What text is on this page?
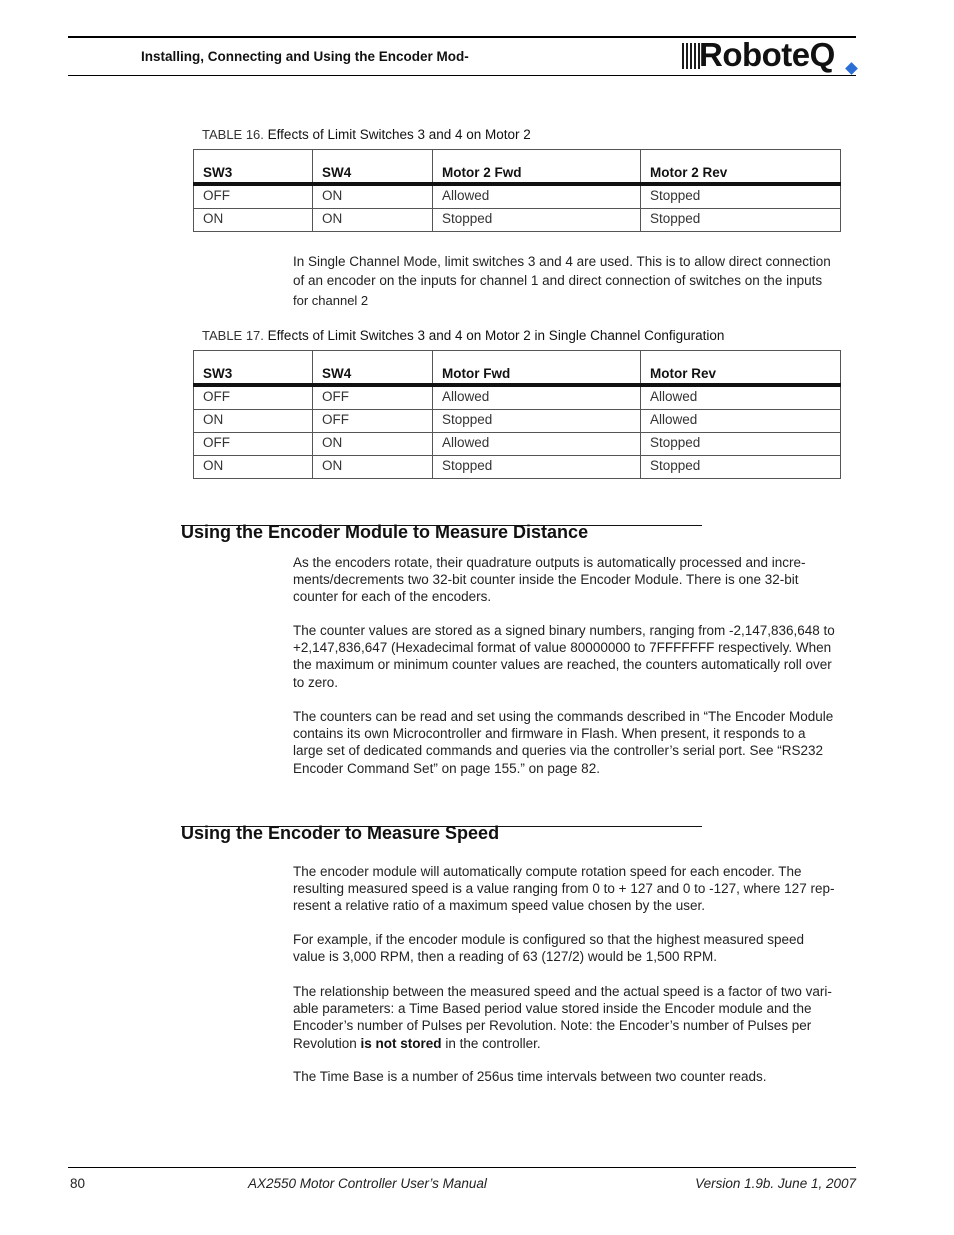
Installing, Connecting and Using the Encoder Mod-	RoboteQ
TABLE 16. Effects of Limit Switches 3 and 4 on Motor 2
SW3	SW4	Motor 2 Fwd	Motor 2 Rev
OFF	ON	Allowed	Stopped
ON	ON	Stopped	Stopped
In Single Channel Mode, limit switches 3 and 4 are used. This is to allow direct connection
of an encoder on the inputs for channel 1 and direct connection of switches on the inputs
for channel 2
TABLE 17. Effects of Limit Switches 3 and 4 on Motor 2 in Single Channel Configuration
SW3	SW4	Motor Fwd	Motor Rev
OFF	OFF	Allowed	Allowed
ON	OFF	Stopped	Allowed
OFF	ON	Allowed	Stopped
ON	ON	Stopped	Stopped
Using the Encoder Module to Measure Distance
As the encoders rotate, their quadrature outputs is automatically processed and incre-
ments/decrements two 32-bit counter inside the Encoder Module. There is one 32-bit
counter for each of the encoders.
The counter values are stored as a signed binary numbers, ranging from -2,147,836,648 to
+2,147,836,647 (Hexadecimal format of value 80000000 to 7FFFFFFF respectively. When
the maximum or minimum counter values are reached, the counters automatically roll over
to zero.
The counters can be read and set using the commands described in “The Encoder Module
contains its own Microcontroller and firmware in Flash. When present, it responds to a
large set of dedicated commands and queries via the controller’s serial port. See “RS232
Encoder Command Set” on page 155.” on page 82.
Using the Encoder to Measure Speed
The encoder module will automatically compute rotation speed for each encoder. The
resulting measured speed is a value ranging from 0 to + 127 and 0 to -127, where 127 rep-
resent a relative ratio of a maximum speed value chosen by the user.
For example, if the encoder module is configured so that the highest measured speed
value is 3,000 RPM, then a reading of 63 (127/2) would be 1,500 RPM.
The relationship between the measured speed and the actual speed is a factor of two vari-
able parameters: a Time Based period value stored inside the Encoder module and the
Encoder’s number of Pulses per Revolution. Note: the Encoder’s number of Pulses per
Revolution is not stored in the controller.
The Time Base is a number of 256us time intervals between two counter reads.
80	AX2550 Motor Controller User’s Manual	Version 1.9b. June 1, 2007
